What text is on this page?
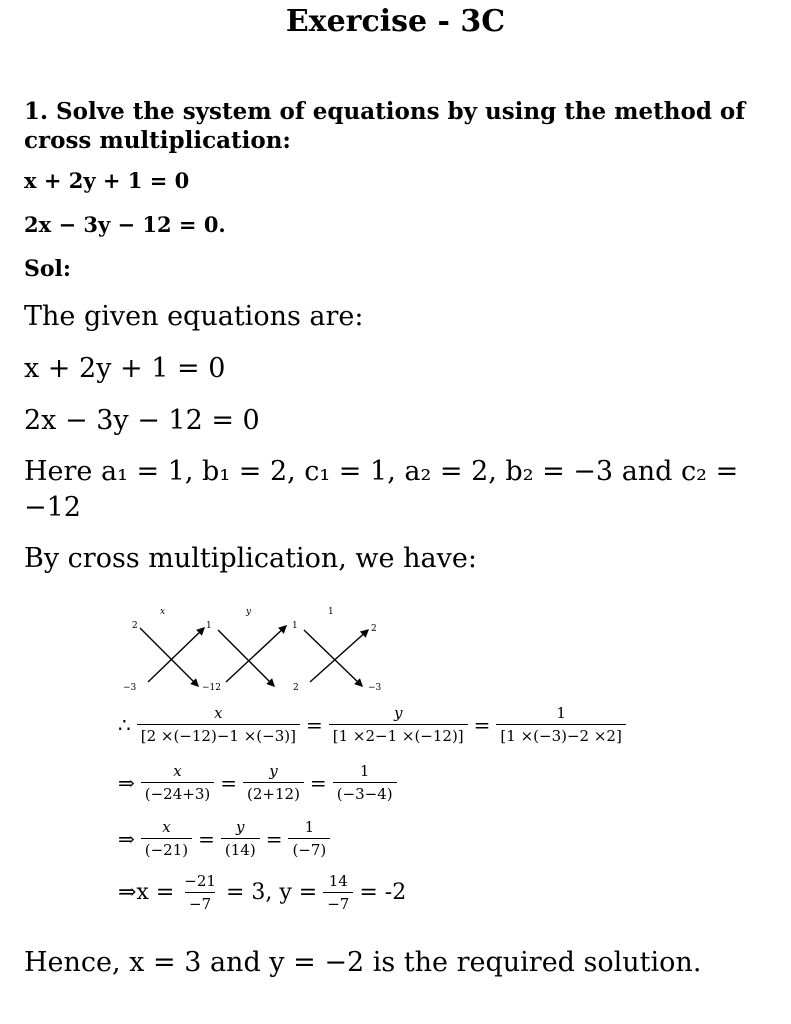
Exercise - 3C
1. Solve the system of equations by using the method of cross multiplication:
x + 2y + 1 = 0
2x − 3y − 12 = 0.
Sol:
The given equations are:
x + 2y + 1 = 0
2x − 3y − 12 = 0
Here a₁ = 1, b₁ = 2, c₁ = 1, a₂ = 2, b₂ = −3 and c₂ =
−12
By cross multiplication, we have:
x	y	1
2	1	1	2
−3	−12	2	−3
∴ $\frac{x}{[2 \times(-12)-1 \times(-3)]} = \frac{y}{[1 \times 2-1 \times(-12)]} = \frac{1}{[1 \times(-3)-2 \times 2]}$
⇒ $\frac{x}{(-24+3)} = \frac{y}{(2+12)} = \frac{1}{(-3-4)}$
⇒ $\frac{x}{(-21)} = \frac{y}{(14)} = \frac{1}{(-7)}$
⇒x = $\frac{-21}{-7} = 3$, $y = \frac{14}{-7} = -2$
Hence, x = 3 and y = −2 is the required solution.
